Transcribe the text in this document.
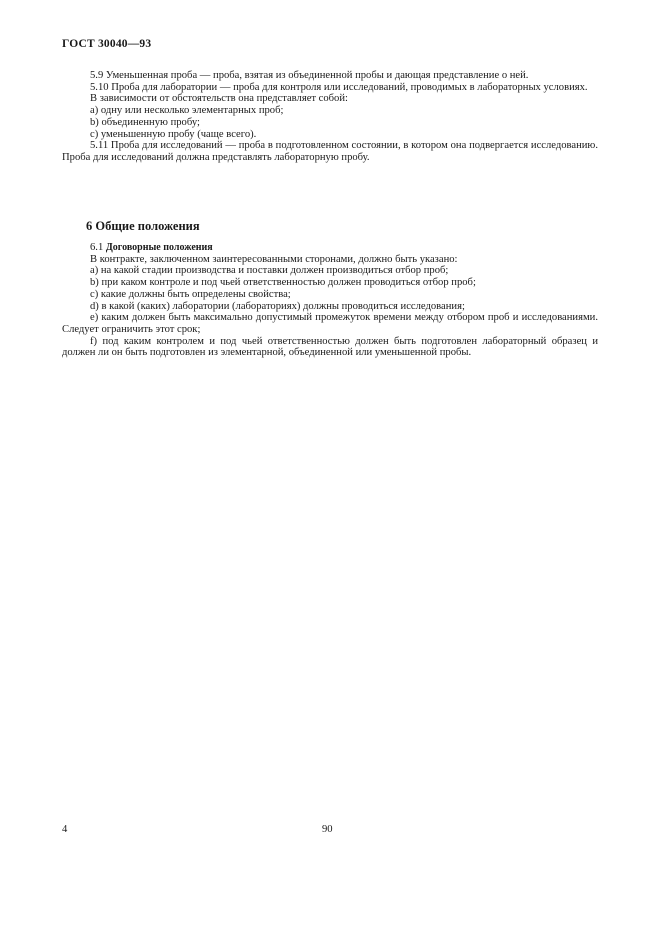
ГОСТ 30040—93

5.9 Уменьшенная проба — проба, взятая из объединенной пробы и дающая представление о ней.

5.10 Проба для лаборатории — проба для контроля или исследований, проводимых в лабораторных условиях.

В зависимости от обстоятельств она представляет собой:

a) одну или несколько элементарных проб;

b) объединенную пробу;

c) уменьшенную пробу (чаще всего).

5.11 Проба для исследований — проба в подготовленном состоянии, в котором она подвергается исследованию. Проба для исследований должна представлять лабораторную пробу.

6 Общие положения

6.1 Договорные положения

В контракте, заключенном заинтересованными сторонами, должно быть указано:

a) на какой стадии производства и поставки должен производиться отбор проб;

b) при каком контроле и под чьей ответственностью должен проводиться отбор проб;

c) какие должны быть определены свойства;

d) в какой (каких) лаборатории (лабораториях) должны проводиться исследования;

e) каким должен быть максимально допустимый промежуток времени между отбором проб и исследованиями. Следует ограничить этот срок;

f) под каким контролем и под чьей ответственностью должен быть подготовлен лабораторный образец и должен ли он быть подготовлен из элементарной, объединенной или уменьшенной пробы.

4	90
